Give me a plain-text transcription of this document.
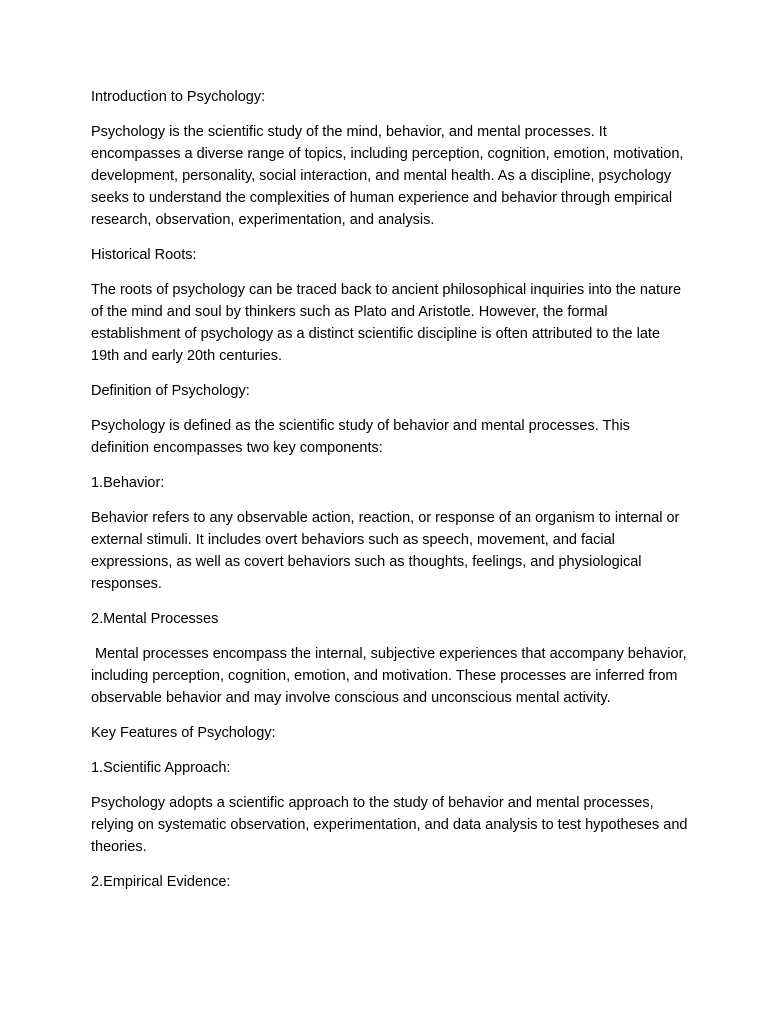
Introduction to Psychology:
Psychology is the scientific study of the mind, behavior, and mental processes. It encompasses a diverse range of topics, including perception, cognition, emotion, motivation, development, personality, social interaction, and mental health. As a discipline, psychology seeks to understand the complexities of human experience and behavior through empirical research, observation, experimentation, and analysis.
Historical Roots:
The roots of psychology can be traced back to ancient philosophical inquiries into the nature of the mind and soul by thinkers such as Plato and Aristotle. However, the formal establishment of psychology as a distinct scientific discipline is often attributed to the late 19th and early 20th centuries.
Definition of Psychology:
Psychology is defined as the scientific study of behavior and mental processes. This definition encompasses two key components:
1.Behavior:
Behavior refers to any observable action, reaction, or response of an organism to internal or external stimuli. It includes overt behaviors such as speech, movement, and facial expressions, as well as covert behaviors such as thoughts, feelings, and physiological responses.
2.Mental Processes
Mental processes encompass the internal, subjective experiences that accompany behavior, including perception, cognition, emotion, and motivation. These processes are inferred from observable behavior and may involve conscious and unconscious mental activity.
Key Features of Psychology:
1.Scientific Approach:
Psychology adopts a scientific approach to the study of behavior and mental processes, relying on systematic observation, experimentation, and data analysis to test hypotheses and theories.
2.Empirical Evidence:
